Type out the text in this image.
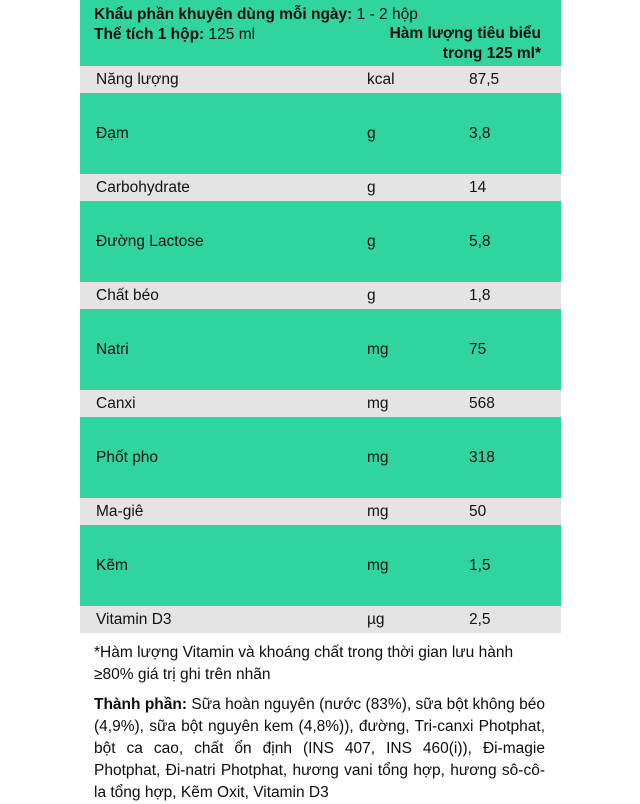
Khẩu phần khuyên dùng mỗi ngày: 1 - 2 hộp
Thể tích 1 hộp: 125 ml	Hàm lượng tiêu biểu
trong 125 ml*
Năng lượng	kcal	87,5

Đạm	g	3,8

Carbohydrate	g	14

Đường Lactose	g	5,8

Chất béo	g	1,8

Natri	mg	75

Canxi	mg	568

Phốt pho	mg	318

Ma-giê	mg	50

Kẽm	mg	1,5

Vitamin D3	µg	2,5
*Hàm lượng Vitamin và khoáng chất trong thời gian lưu hành ≥80% giá trị ghi trên nhãn
Thành phần: Sữa hoàn nguyên (nước (83%), sữa bột không béo (4,9%), sữa bột nguyên kem (4,8%)), đường, Tri-canxi Photphat, bột ca cao, chất ổn định (INS 407, INS 460(i)), Đi-magie Photphat, Đi-natri Photphat, hương vani tổng hợp, hương sô-cô-la tổng hợp, Kẽm Oxit, Vitamin D3
